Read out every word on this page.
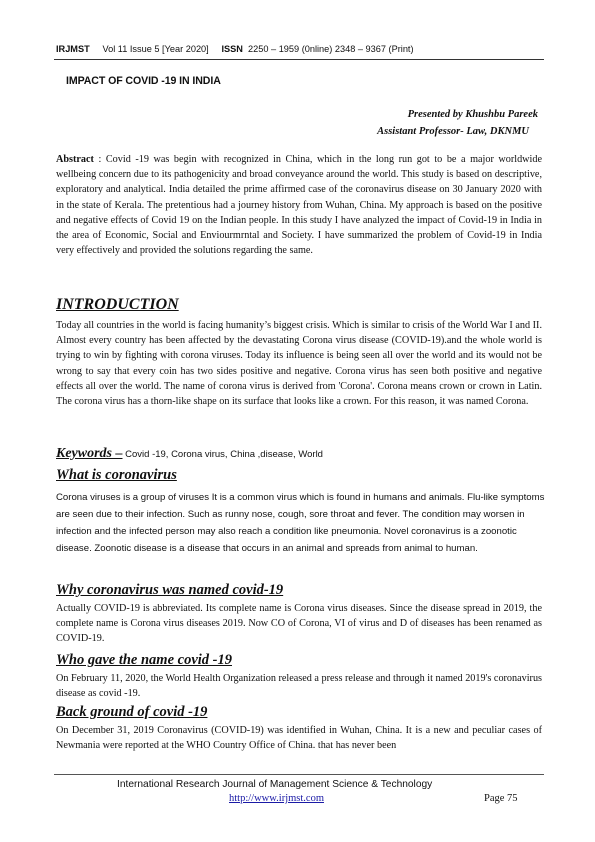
IRJMST Vol 11 Issue 5 [Year 2020] ISSN 2250 – 1959 (0nline) 2348 – 9367 (Print)
IMPACT OF COVID -19 IN INDIA
Presented by Khushbu Pareek
Assistant Professor- Law, DKNMU
Abstract : Covid -19 was begin with recognized in China, which in the long run got to be a major worldwide wellbeing concern due to its pathogenicity and broad conveyance around the world. This study is based on descriptive, exploratory and analytical. India detailed the prime affirmed case of the coronavirus disease on 30 January 2020 with in the state of Kerala. The pretentious had a journey history from Wuhan, China. My approach is based on the positive and negative effects of Covid 19 on the Indian people. In this study I have analyzed the impact of Covid-19 in India in the area of Economic, Social and Enviourmrntal and Society. I have summarized the problem of Covid-19 in India very effectively and provided the solutions regarding the same.
INTRODUCTION
Today all countries in the world is facing humanity’s biggest crisis. Which is similar to crisis of the World War I and II. Almost every country has been affected by the devastating Corona virus disease (COVID-19).and the whole world is trying to win by fighting with corona viruses. Today its influence is being seen all over the world and its would not be wrong to say that every coin has two sides positive and negative. Corona virus has seen both positive and negative effects all over the world. The name of corona virus is derived from 'Corona'. Corona means crown or crown in Latin. The corona virus has a thorn-like shape on its surface that looks like a crown. For this reason, it was named Corona.
Keywords – Covid -19, Corona virus, China ,disease, World
What is coronavirus
Corona viruses is a group of viruses It is a common virus which is found in humans and animals. Flu-like symptoms are seen due to their infection. Such as runny nose, cough, sore throat and fever. The condition may worsen in infection and the infected person may also reach a condition like pneumonia. Novel coronavirus is a zoonotic disease. Zoonotic disease is a disease that occurs in an animal and spreads from animal to human.
Why coronavirus was named covid-19
Actually COVID-19 is abbreviated. Its complete name is Corona virus diseases. Since the disease spread in 2019, the complete name is Corona virus diseases 2019. Now CO of Corona, VI of virus and D of diseases has been renamed as COVID-19.
Who gave the name covid -19
On February 11, 2020, the World Health Organization released a press release and through it named 2019's coronavirus disease as covid -19.
Back ground of covid -19
On December 31, 2019 Coronavirus (COVID-19) was identified in Wuhan, China. It is a new and peculiar cases of Newmania were reported at the WHO Country Office of China. that has never been
International Research Journal of Management Science & Technology
http://www.irjmst.com	Page 75
